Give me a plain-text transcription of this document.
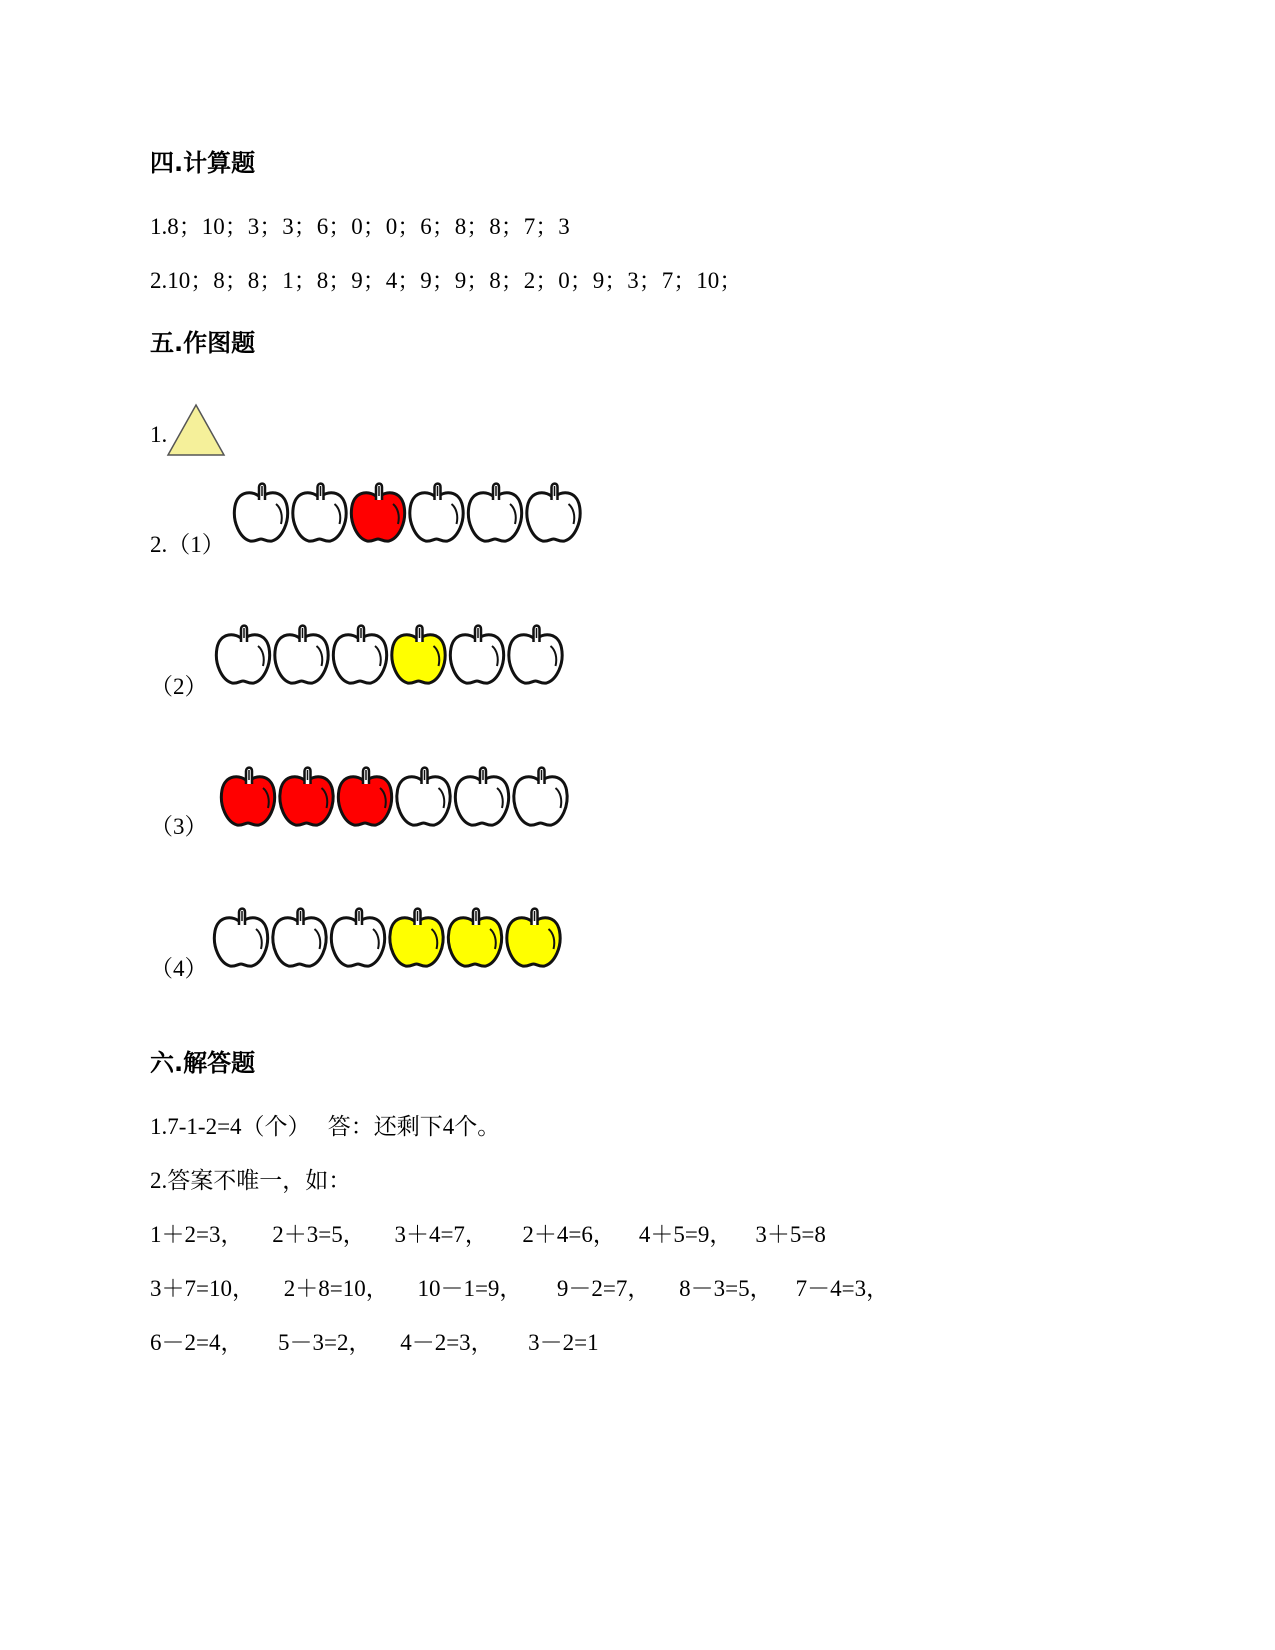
四.计算题
1.8；10；3；3；6；0；0；6；8；8；7；3
2.10；8；8；1；8；9；4；9；9；8；2；0；9；3；7；10；
五.作图题
1.
2.（1）
（2）
（3）
（4）
六.解答题
1.7-1-2=4（个）   答：还剩下4个。
2.答案不唯一，如：
1＋2=3，     2＋3=5，     3＋4=7，      2＋4=6，    4＋5=9，    3＋5=8
3＋7=10，     2＋8=10，     10－1=9，      9－2=7，     8－3=5，    7－4=3，
6－2=4，      5－3=2，     4－2=3，      3－2=1
